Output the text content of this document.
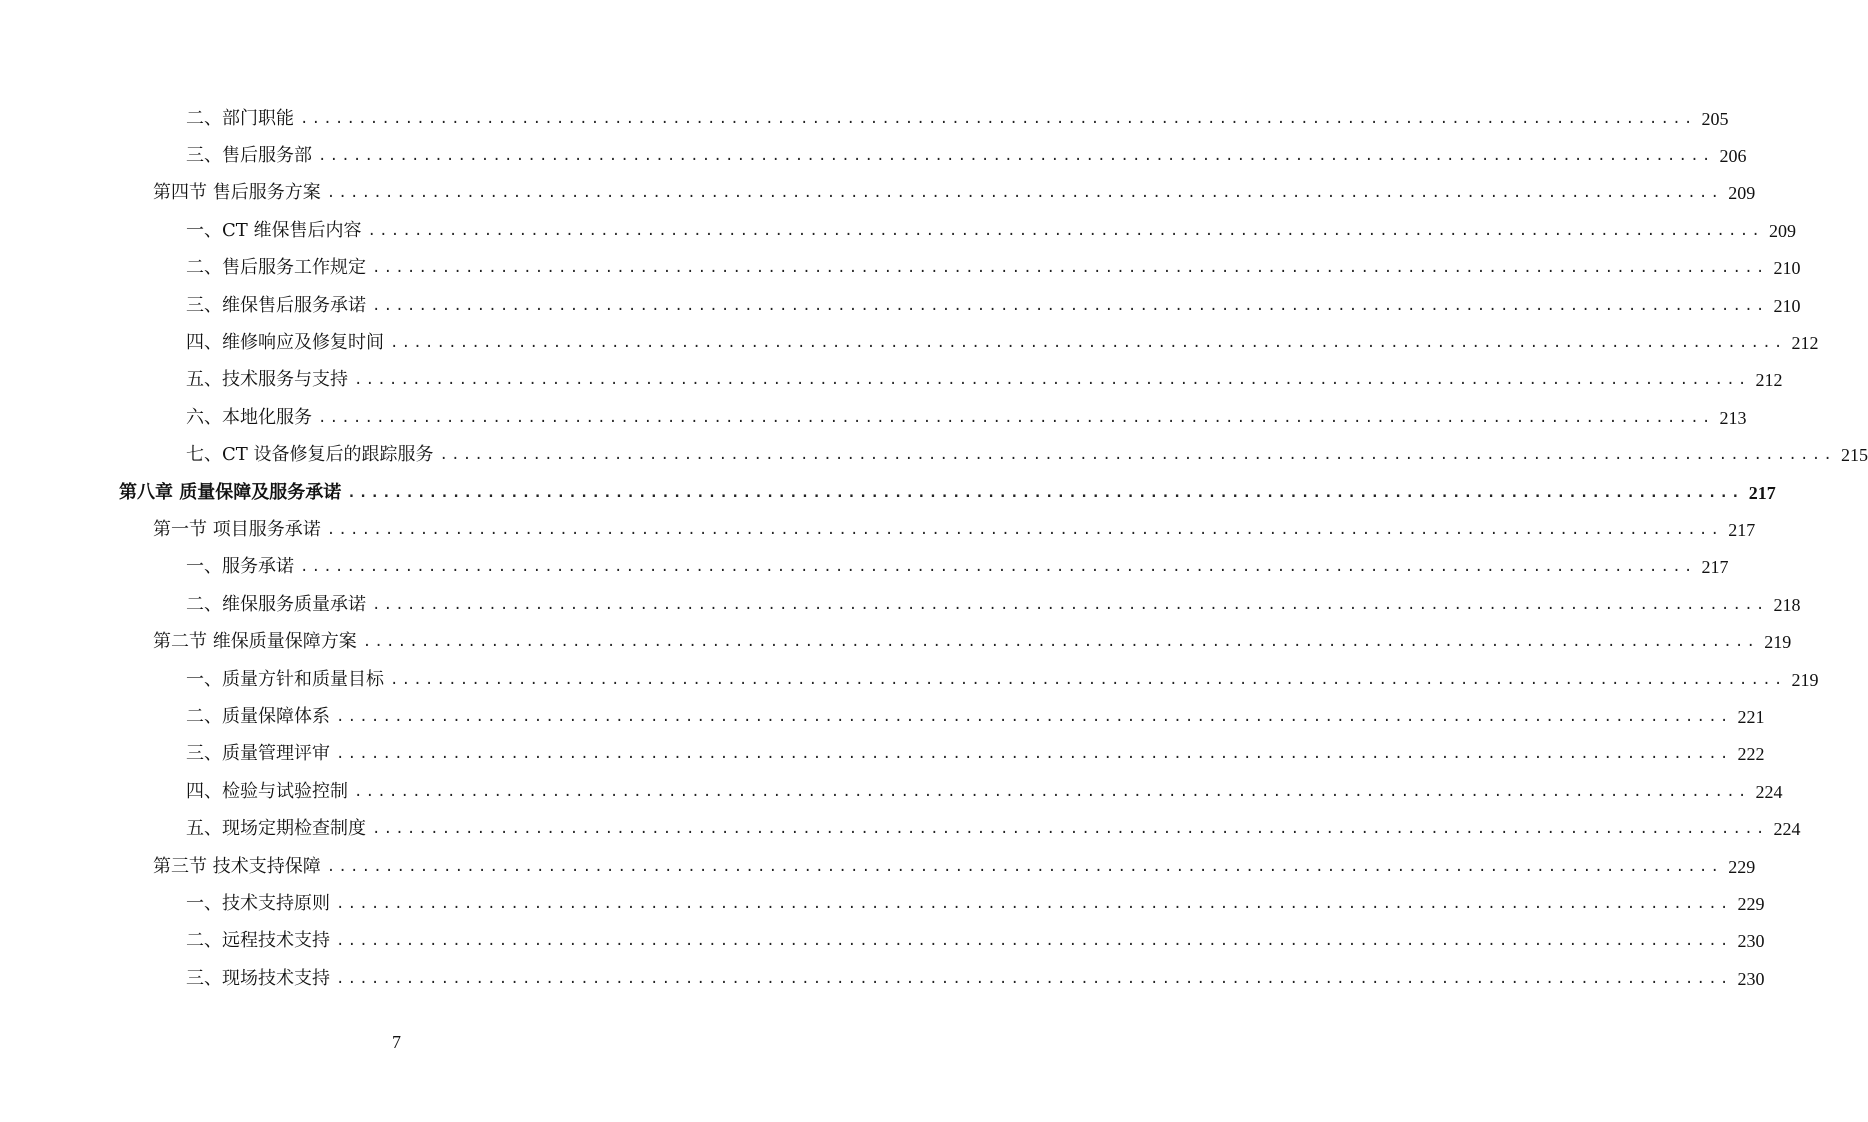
二、部门职能 ........................................................................................................................ 205
三、售后服务部 ........................................................................................................................ 206
第四节 售后服务方案 ........................................................................................................................ 209
一、CT 维保售后内容 ........................................................................................................................ 209
二、售后服务工作规定 ........................................................................................................................ 210
三、维保售后服务承诺 ........................................................................................................................ 210
四、维修响应及修复时间 ........................................................................................................................ 212
五、技术服务与支持 ........................................................................................................................ 212
六、本地化服务 ........................................................................................................................ 213
七、CT 设备修复后的跟踪服务 ........................................................................................................................ 215
第八章 质量保障及服务承诺 ........................................................................................................................ 217
第一节 项目服务承诺 ........................................................................................................................ 217
一、服务承诺 ........................................................................................................................ 217
二、维保服务质量承诺 ........................................................................................................................ 218
第二节 维保质量保障方案 ........................................................................................................................ 219
一、质量方针和质量目标 ........................................................................................................................ 219
二、质量保障体系 ........................................................................................................................ 221
三、质量管理评审 ........................................................................................................................ 222
四、检验与试验控制 ........................................................................................................................ 224
五、现场定期检查制度 ........................................................................................................................ 224
第三节 技术支持保障 ........................................................................................................................ 229
一、技术支持原则 ........................................................................................................................ 229
二、远程技术支持 ........................................................................................................................ 230
三、现场技术支持 ........................................................................................................................ 230
7
